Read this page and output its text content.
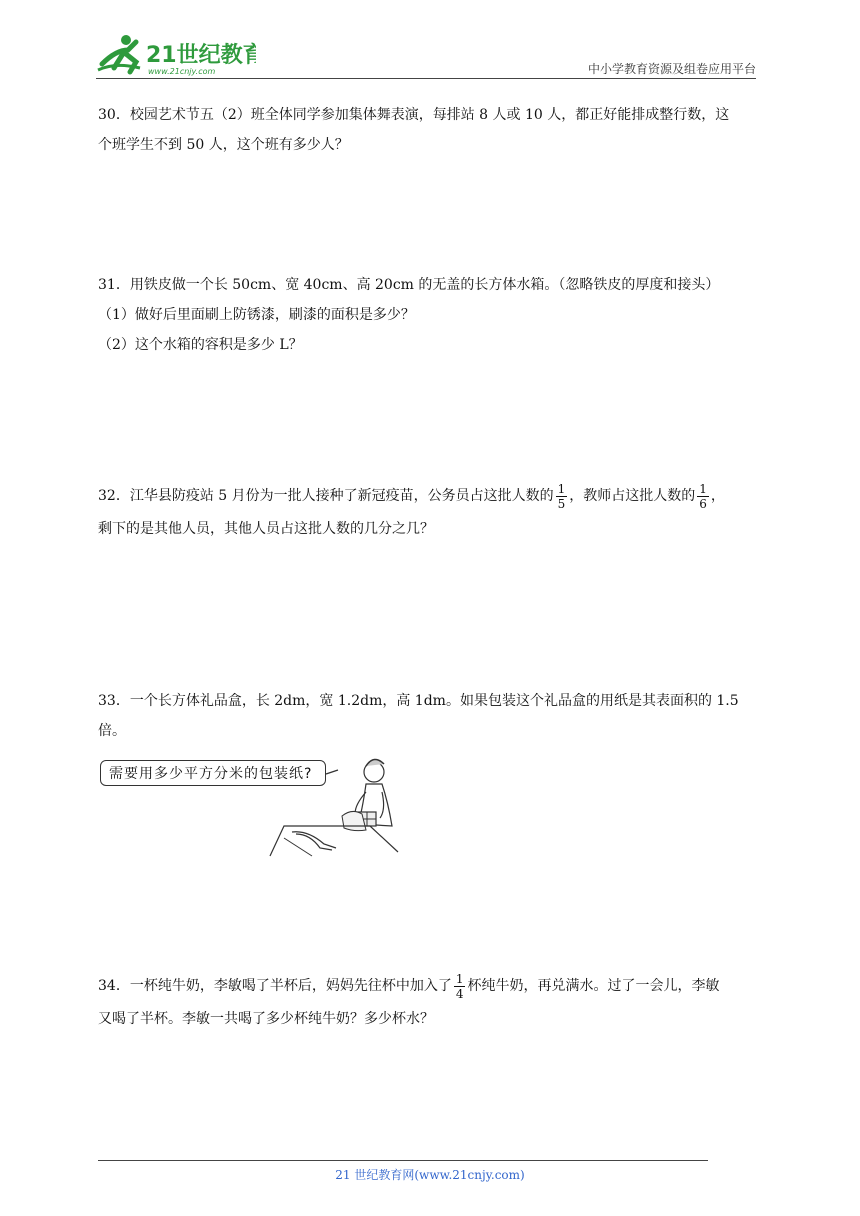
21世纪教育
www.21cnjy.com	中小学教育资源及组卷应用平台
30．校园艺术节五（2）班全体同学参加集体舞表演，每排站 8 人或 10 人，都正好能排成整行数，这
个班学生不到 50 人，这个班有多少人？
31．用铁皮做一个长 50cm、宽 40cm、高 20cm 的无盖的长方体水箱。（忽略铁皮的厚度和接头）
（1）做好后里面刷上防锈漆，刷漆的面积是多少？
（2）这个水箱的容积是多少 L？
32．江华县防疫站 5 月份为一批人接种了新冠疫苗，公务员占这批人数的 $\frac{1}{5}$ ，教师占这批人数的 $\frac{1}{6}$ ，
剩下的是其他人员，其他人员占这批人数的几分之几？
33．一个长方体礼品盒，长 2dm，宽 1.2dm，高 1dm。如果包装这个礼品盒的用纸是其表面积的 1.5
倍。
需要用多少平方分米的包装纸?
34．一杯纯牛奶，李敏喝了半杯后，妈妈先往杯中加入了 $\frac{1}{4}$ 杯纯牛奶，再兑满水。过了一会儿，李敏
又喝了半杯。李敏一共喝了多少杯纯牛奶？多少杯水？
21 世纪教育网(www.21cnjy.com)
